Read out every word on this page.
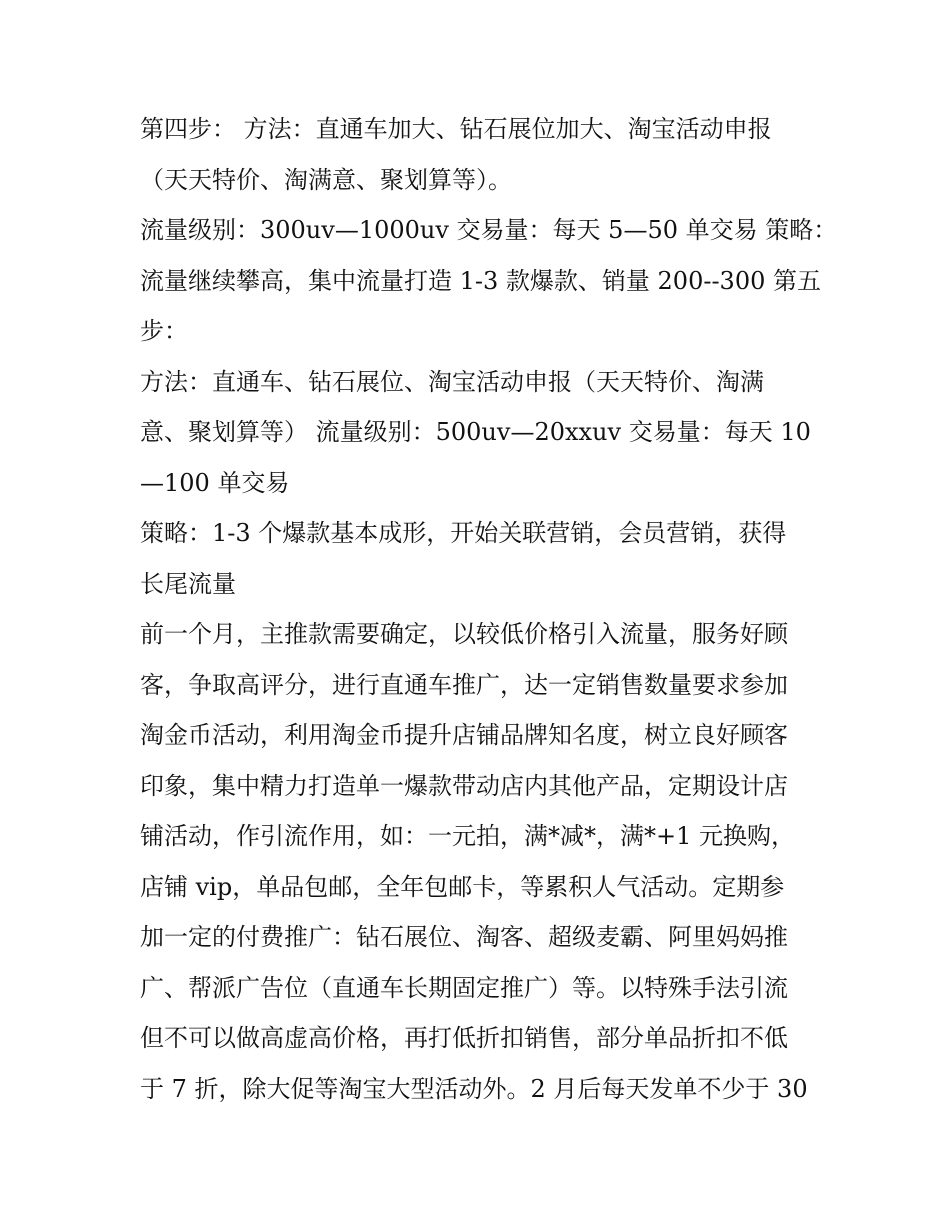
第四步： 方法：直通车加大、钻石展位加大、淘宝活动申报
（天天特价、淘满意、聚划算等）。
流量级别：300uv—1000uv 交易量：每天 5—50 单交易 策略：
流量继续攀高，集中流量打造 1-3 款爆款、销量 200--300 第五
步：
方法：直通车、钻石展位、淘宝活动申报（天天特价、淘满
意、聚划算等） 流量级别：500uv—20xxuv 交易量：每天 10
—100 单交易
策略：1-3 个爆款基本成形，开始关联营销，会员营销，获得
长尾流量
前一个月，主推款需要确定，以较低价格引入流量，服务好顾
客，争取高评分，进行直通车推广，达一定销售数量要求参加
淘金币活动，利用淘金币提升店铺品牌知名度，树立良好顾客
印象，集中精力打造单一爆款带动店内其他产品，定期设计店
铺活动，作引流作用，如：一元拍，满*减*，满*+1 元换购，
店铺 vip，单品包邮，全年包邮卡，等累积人气活动。定期参
加一定的付费推广：钻石展位、淘客、超级麦霸、阿里妈妈推
广、帮派广告位（直通车长期固定推广）等。以特殊手法引流
但不可以做高虚高价格，再打低折扣销售，部分单品折扣不低
于 7 折，除大促等淘宝大型活动外。2 月后每天发单不少于 30
